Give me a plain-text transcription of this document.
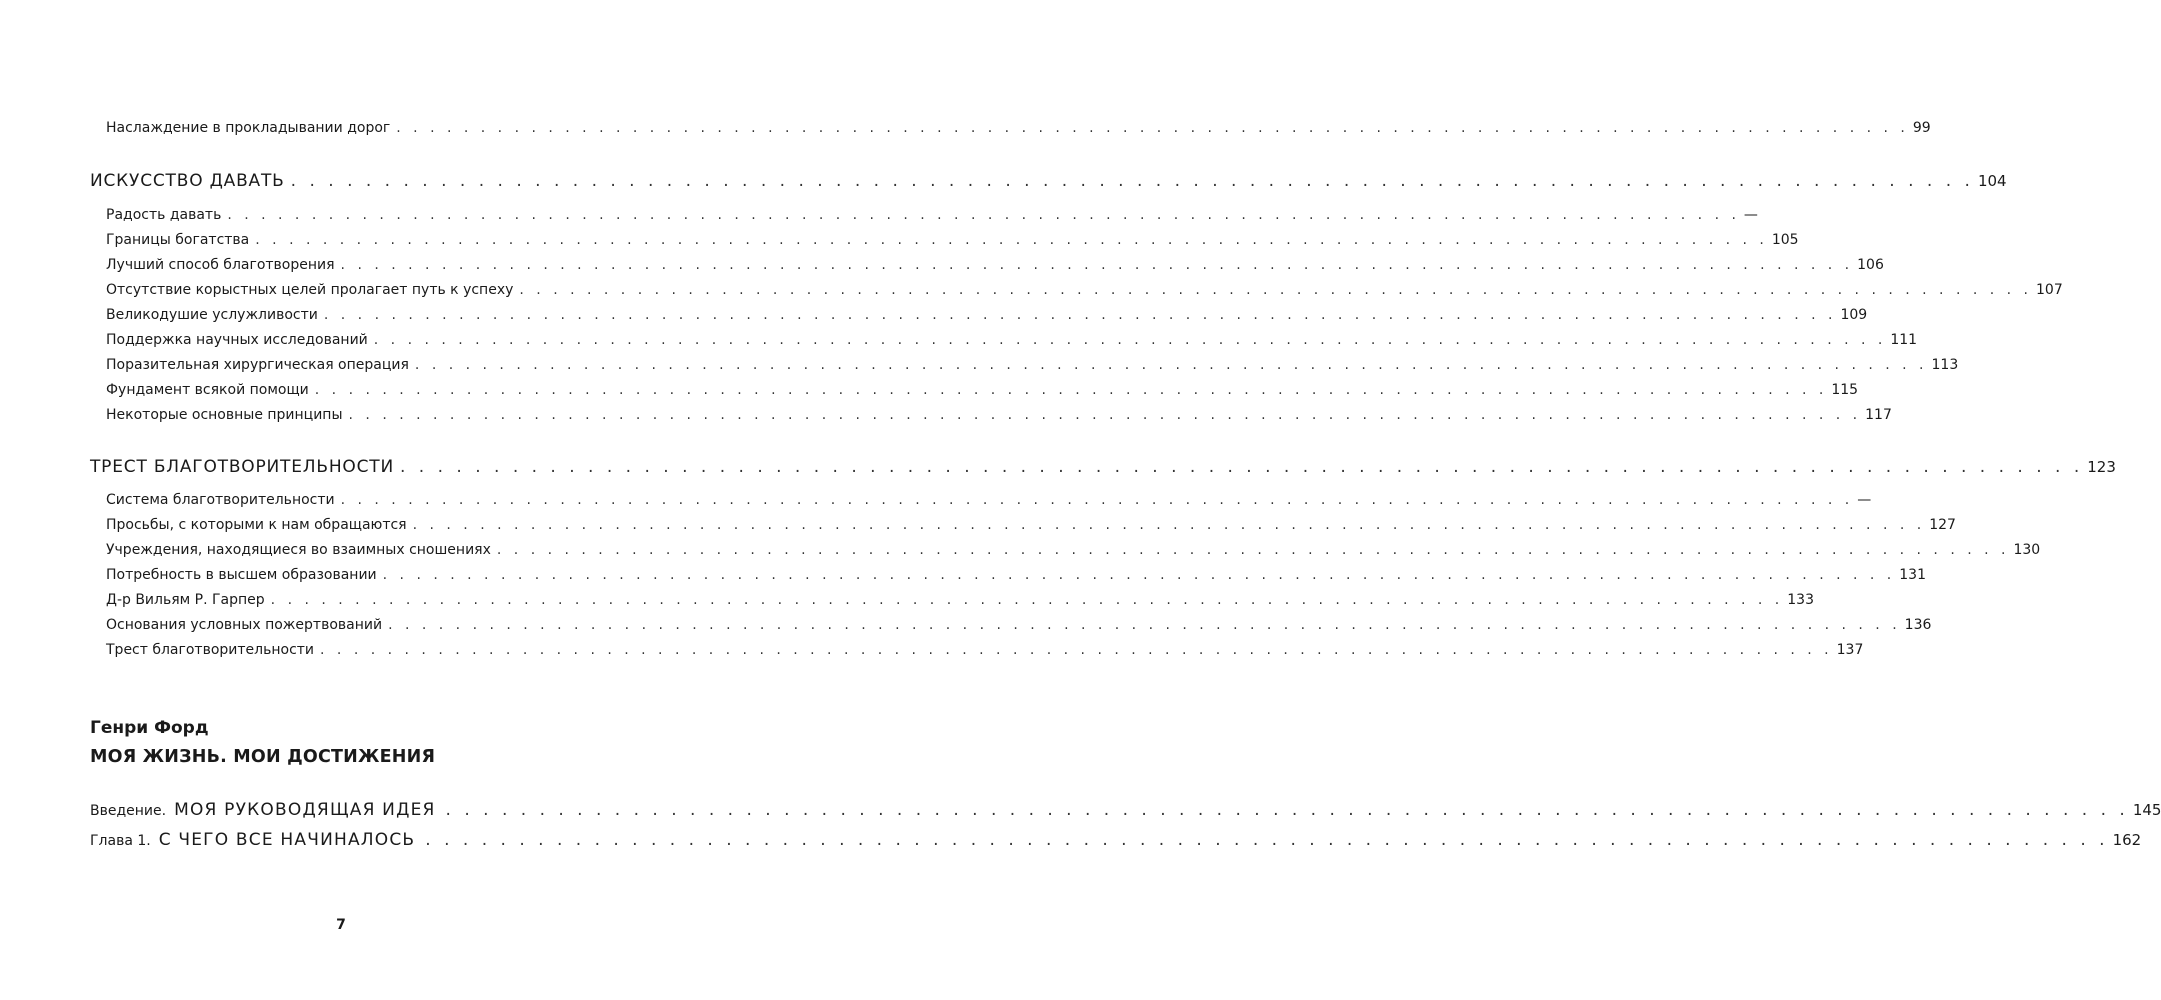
Наслаждение в прокладывании дорог . . . . . . . . . . . . . . . . . . . . . . . . . . . . . . . . . . . . . . . . . . . . . . . . . . . . . . . . . . . . . . . . . . . . . . . . . . . . . . . . . . . . . . . . . . 99
ИСКУССТВО ДАВАТЬ . . . . . . . . . . . . . . . . . . . . . . . . . . . . . . . . . . . . . . . . . . . . . . . . . . . . . . . . . . . . . . . . . . . . . . . . . . . . . . . . . . . . . . . . . . 104
Радость давать . . . . . . . . . . . . . . . . . . . . . . . . . . . . . . . . . . . . . . . . . . . . . . . . . . . . . . . . . . . . . . . . . . . . . . . . . . . . . . . . . . . . . . . . . . —
Границы богатства . . . . . . . . . . . . . . . . . . . . . . . . . . . . . . . . . . . . . . . . . . . . . . . . . . . . . . . . . . . . . . . . . . . . . . . . . . . . . . . . . . . . . . . . . . 105
Лучший способ благотворения . . . . . . . . . . . . . . . . . . . . . . . . . . . . . . . . . . . . . . . . . . . . . . . . . . . . . . . . . . . . . . . . . . . . . . . . . . . . . . . . . . . . . . . . . . 106
Отсутствие корыстных целей пролагает путь к успеху . . . . . . . . . . . . . . . . . . . . . . . . . . . . . . . . . . . . . . . . . . . . . . . . . . . . . . . . . . . . . . . . . . . . . . . . . . . . . . . . . . . . . . . . . . 107
Великодушие услужливости . . . . . . . . . . . . . . . . . . . . . . . . . . . . . . . . . . . . . . . . . . . . . . . . . . . . . . . . . . . . . . . . . . . . . . . . . . . . . . . . . . . . . . . . . . 109
Поддержка научных исследований . . . . . . . . . . . . . . . . . . . . . . . . . . . . . . . . . . . . . . . . . . . . . . . . . . . . . . . . . . . . . . . . . . . . . . . . . . . . . . . . . . . . . . . . . . 111
Поразительная хирургическая операция . . . . . . . . . . . . . . . . . . . . . . . . . . . . . . . . . . . . . . . . . . . . . . . . . . . . . . . . . . . . . . . . . . . . . . . . . . . . . . . . . . . . . . . . . . 113
Фундамент всякой помощи . . . . . . . . . . . . . . . . . . . . . . . . . . . . . . . . . . . . . . . . . . . . . . . . . . . . . . . . . . . . . . . . . . . . . . . . . . . . . . . . . . . . . . . . . . 115
Некоторые основные принципы . . . . . . . . . . . . . . . . . . . . . . . . . . . . . . . . . . . . . . . . . . . . . . . . . . . . . . . . . . . . . . . . . . . . . . . . . . . . . . . . . . . . . . . . . . 117
ТРЕСТ БЛАГОТВОРИТЕЛЬНОСТИ . . . . . . . . . . . . . . . . . . . . . . . . . . . . . . . . . . . . . . . . . . . . . . . . . . . . . . . . . . . . . . . . . . . . . . . . . . . . . . . . . . . . . . . . . . 123
Система благотворительности . . . . . . . . . . . . . . . . . . . . . . . . . . . . . . . . . . . . . . . . . . . . . . . . . . . . . . . . . . . . . . . . . . . . . . . . . . . . . . . . . . . . . . . . . . —
Просьбы, с которыми к нам обращаются . . . . . . . . . . . . . . . . . . . . . . . . . . . . . . . . . . . . . . . . . . . . . . . . . . . . . . . . . . . . . . . . . . . . . . . . . . . . . . . . . . . . . . . . . . 127
Учреждения, находящиеся во взаимных сношениях . . . . . . . . . . . . . . . . . . . . . . . . . . . . . . . . . . . . . . . . . . . . . . . . . . . . . . . . . . . . . . . . . . . . . . . . . . . . . . . . . . . . . . . . . . 130
Потребность в высшем образовании . . . . . . . . . . . . . . . . . . . . . . . . . . . . . . . . . . . . . . . . . . . . . . . . . . . . . . . . . . . . . . . . . . . . . . . . . . . . . . . . . . . . . . . . . . 131
Д-р Вильям Р. Гарпер . . . . . . . . . . . . . . . . . . . . . . . . . . . . . . . . . . . . . . . . . . . . . . . . . . . . . . . . . . . . . . . . . . . . . . . . . . . . . . . . . . . . . . . . . . 133
Основания условных пожертвований . . . . . . . . . . . . . . . . . . . . . . . . . . . . . . . . . . . . . . . . . . . . . . . . . . . . . . . . . . . . . . . . . . . . . . . . . . . . . . . . . . . . . . . . . . 136
Трест благотворительности . . . . . . . . . . . . . . . . . . . . . . . . . . . . . . . . . . . . . . . . . . . . . . . . . . . . . . . . . . . . . . . . . . . . . . . . . . . . . . . . . . . . . . . . . . 137
Введение. МОЯ РУКОВОДЯЩАЯ ИДЕЯ . . . . . . . . . . . . . . . . . . . . . . . . . . . . . . . . . . . . . . . . . . . . . . . . . . . . . . . . . . . . . . . . . . . . . . . . . . . . . . . . . . . . . . . . . . 145
Глава 1. С ЧЕГО ВСЕ НАЧИНАЛОСЬ . . . . . . . . . . . . . . . . . . . . . . . . . . . . . . . . . . . . . . . . . . . . . . . . . . . . . . . . . . . . . . . . . . . . . . . . . . . . . . . . . . . . . . . . . . 162
Генри Форд
МОЯ ЖИЗНЬ. МОИ ДОСТИЖЕНИЯ
7
